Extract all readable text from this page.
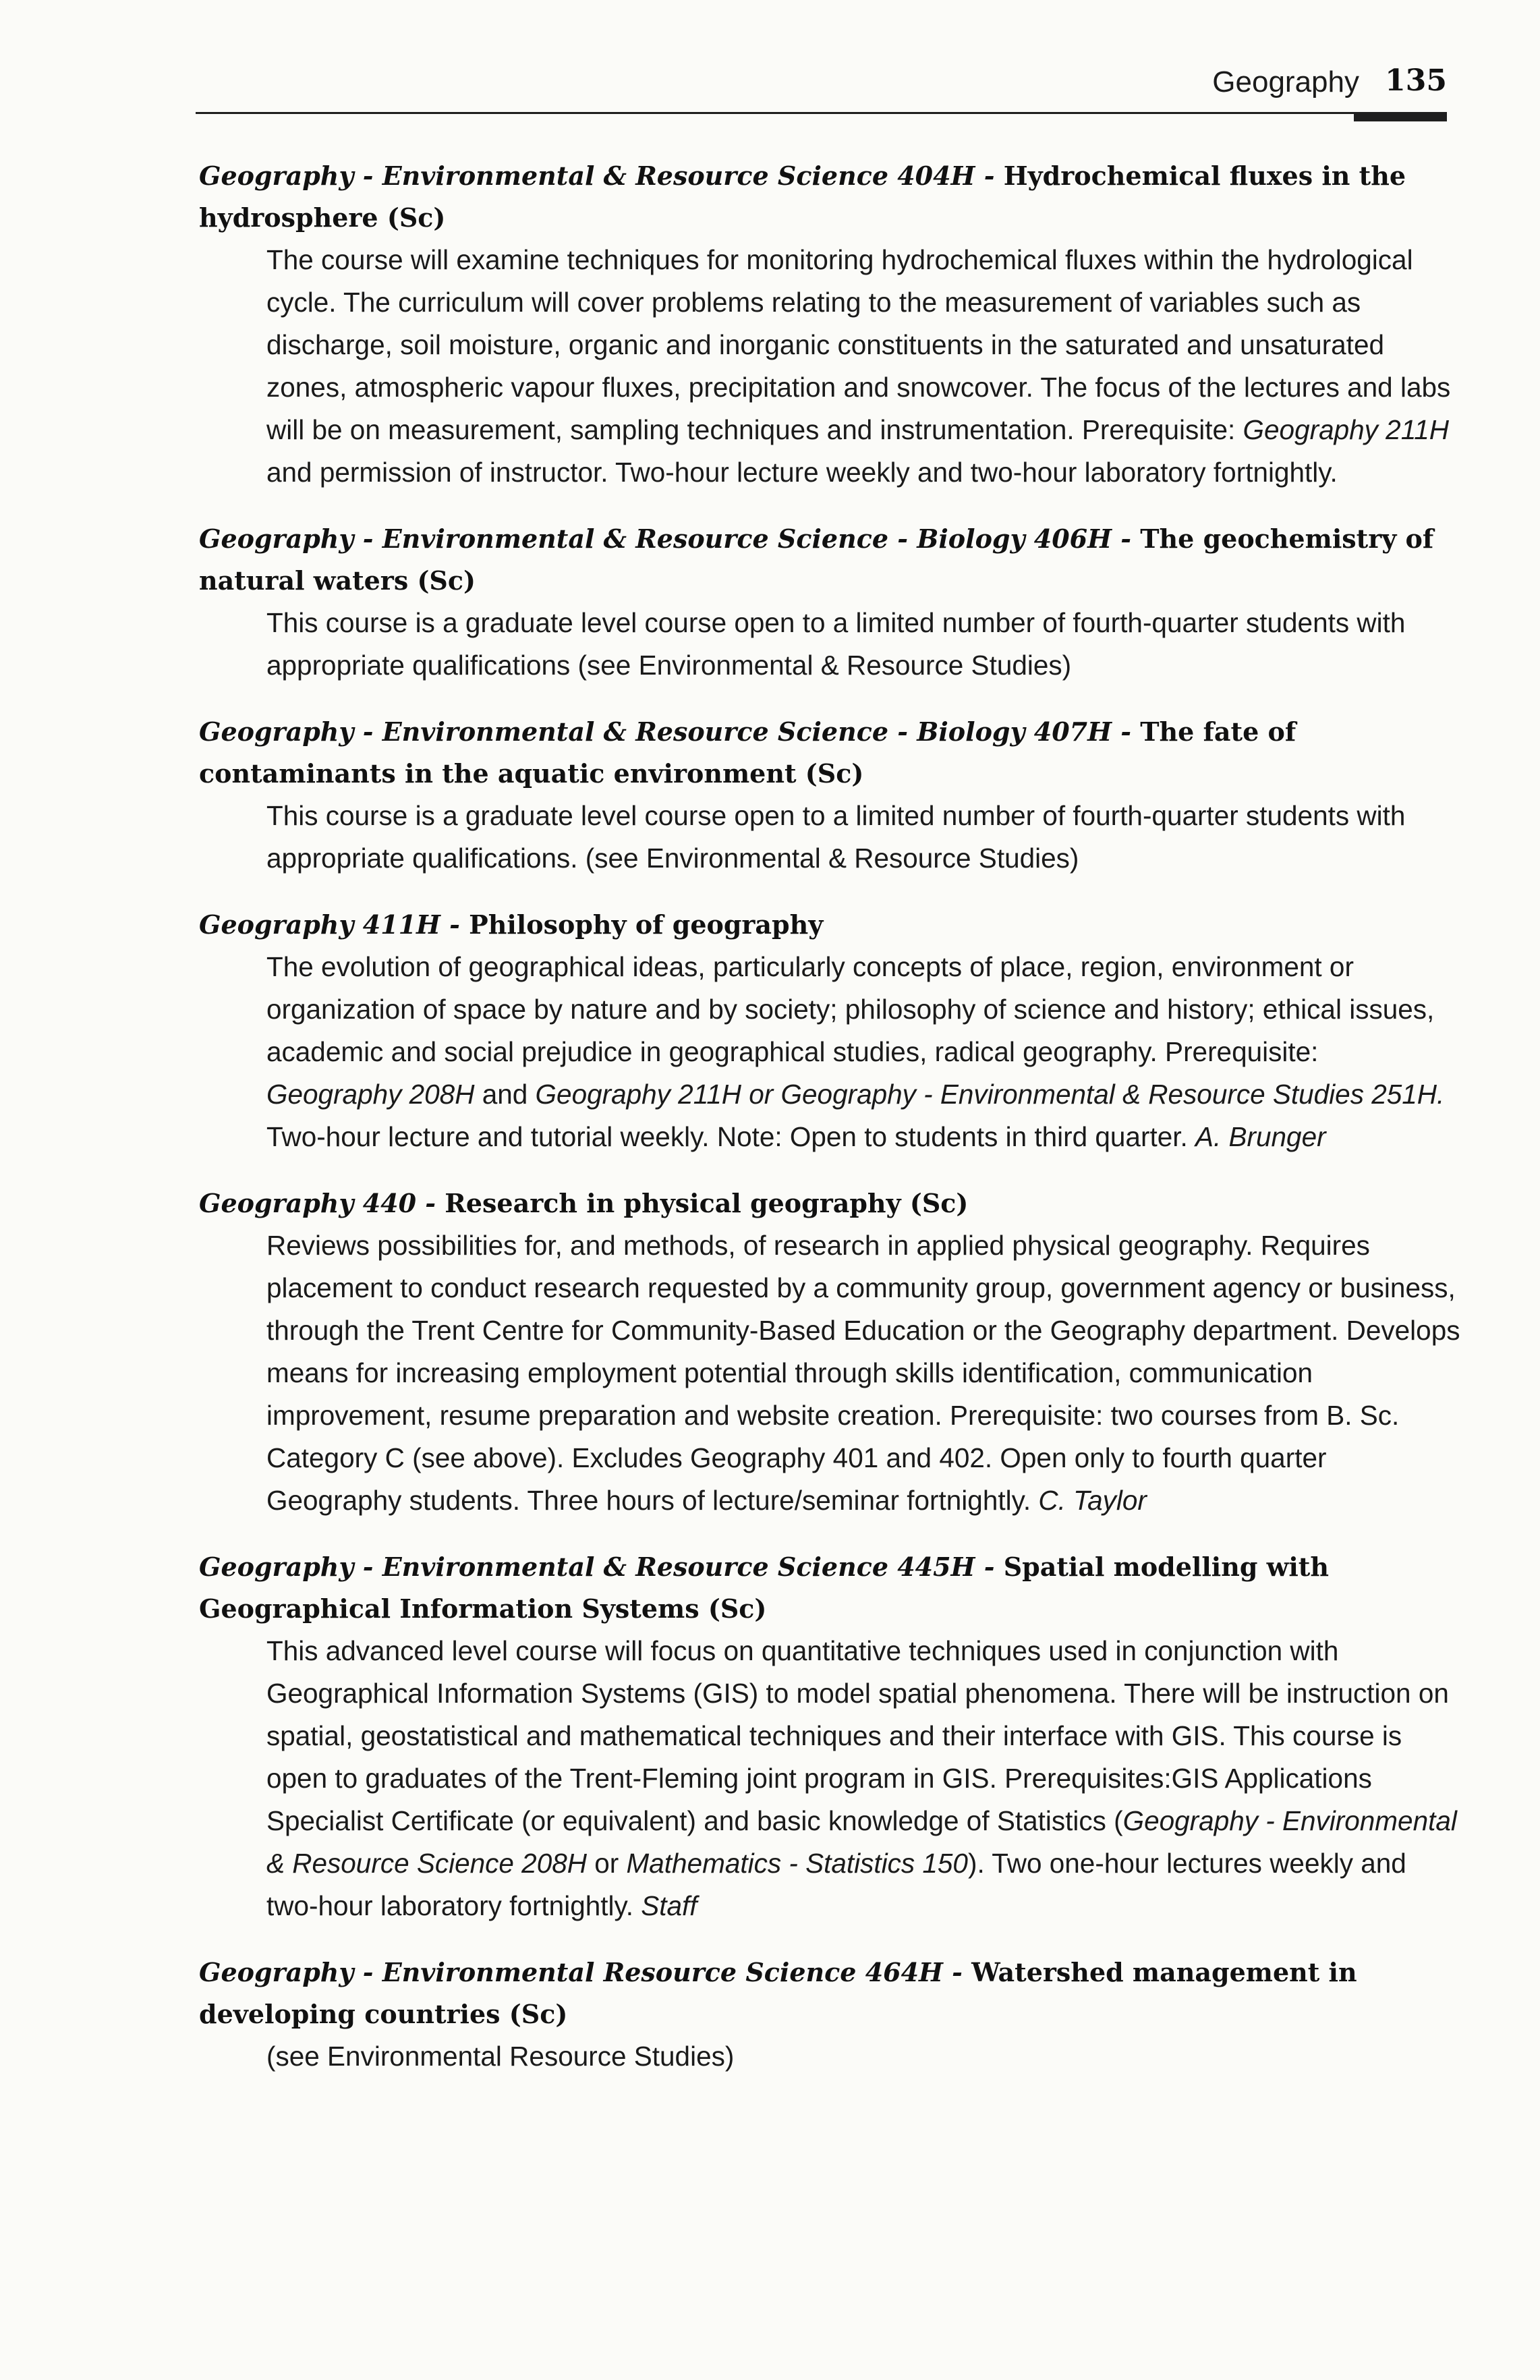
Geography 135

Geography - Environmental & Resource Science 404H - Hydrochemical fluxes in the hydrosphere (Sc)

The course will examine techniques for monitoring hydrochemical fluxes within the hydrological cycle. The curriculum will cover problems relating to the measurement of variables such as discharge, soil moisture, organic and inorganic constituents in the saturated and unsaturated zones, atmospheric vapour fluxes, precipitation and snowcover. The focus of the lectures and labs will be on measurement, sampling techniques and instrumentation. Prerequisite: Geography 211H and permission of instructor. Two-hour lecture weekly and two-hour laboratory fortnightly.

Geography - Environmental & Resource Science - Biology 406H - The geochemistry of natural waters (Sc)

This course is a graduate level course open to a limited number of fourth-quarter students with appropriate qualifications (see Environmental & Resource Studies)

Geography - Environmental & Resource Science - Biology 407H - The fate of contaminants in the aquatic environment (Sc)

This course is a graduate level course open to a limited number of fourth-quarter students with appropriate qualifications. (see Environmental & Resource Studies)

Geography 411H - Philosophy of geography

The evolution of geographical ideas, particularly concepts of place, region, environment or organization of space by nature and by society; philosophy of science and history; ethical issues, academic and social prejudice in geographical studies, radical geography. Prerequisite: Geography 208H and Geography 211H or Geography - Environmental & Resource Studies 251H. Two-hour lecture and tutorial weekly. Note: Open to students in third quarter. A. Brunger

Geography 440 - Research in physical geography (Sc)

Reviews possibilities for, and methods, of research in applied physical geography. Requires placement to conduct research requested by a community group, government agency or business, through the Trent Centre for Community-Based Education or the Geography department. Develops means for increasing employment potential through skills identification, communication improvement, resume preparation and website creation. Prerequisite: two courses from B. Sc. Category C (see above). Excludes Geography 401 and 402. Open only to fourth quarter Geography students. Three hours of lecture/seminar fortnightly. C. Taylor

Geography - Environmental & Resource Science 445H - Spatial modelling with Geographical Information Systems (Sc)

This advanced level course will focus on quantitative techniques used in conjunction with Geographical Information Systems (GIS) to model spatial phenomena. There will be instruction on spatial, geostatistical and mathematical techniques and their interface with GIS. This course is open to graduates of the Trent-Fleming joint program in GIS. Prerequisites:GIS Applications Specialist Certificate (or equivalent) and basic knowledge of Statistics (Geography - Environmental & Resource Science 208H or Mathematics - Statistics 150). Two one-hour lectures weekly and two-hour laboratory fortnightly. Staff

Geography - Environmental Resource Science 464H - Watershed management in developing countries (Sc)

(see Environmental Resource Studies)
